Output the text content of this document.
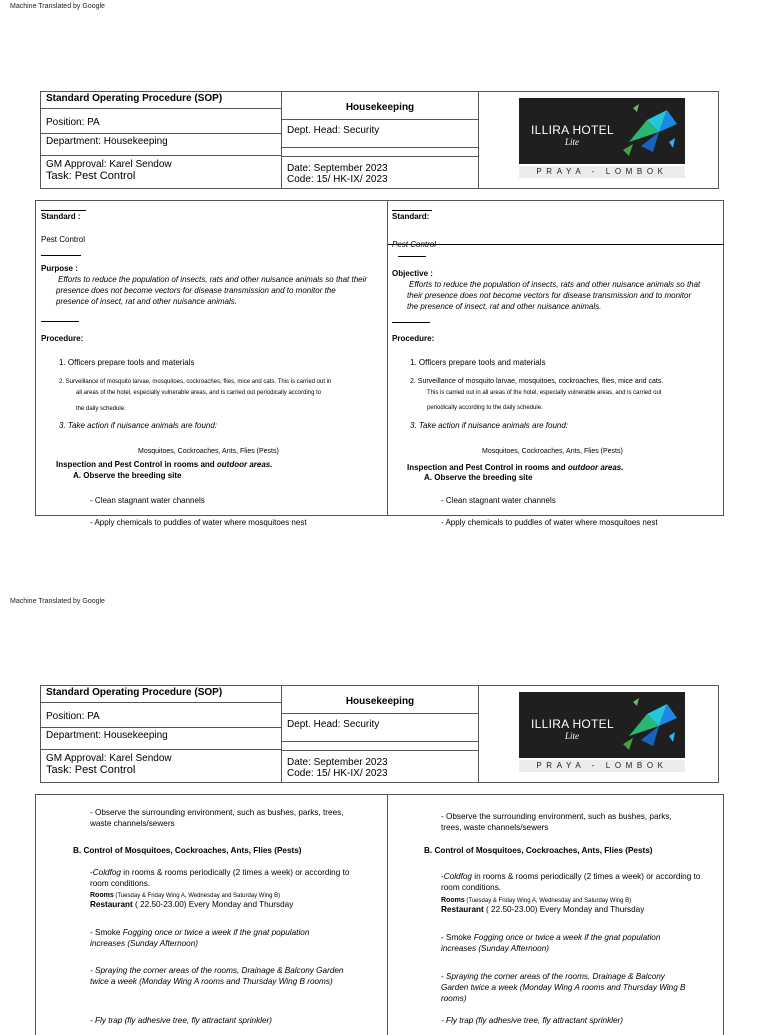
Machine Translated by Google
Standard Operating Procedure (SOP)
Position: PA
Department: Housekeeping
GM Approval: Karel Sendow
Task: Pest Control
Housekeeping
Dept. Head: Security
Date: September 2023
Code: 15/ HK-IX/ 2023
ILLIRA HOTEL
Lite
PRAYA - LOMBOK
Standard :
Pest Control
Purpose :
Efforts to reduce the population of insects, rats and other nuisance animals so that their
presence does not become vectors for disease transmission and to monitor the
presence of insect, rat and other nuisance animals.
Procedure:
1. Officers prepare tools and materials
2. Surveillance of mosquito larvae, mosquitoes, cockroaches, flies, mice and cats. This is carried out in
all areas of the hotel, especially vulnerable areas, and is carried out periodically according to
the daily schedule.
3. Take action if nuisance animals are found:
Mosquitoes, Cockroaches, Ants, Flies (Pests)
Inspection and Pest Control in rooms and outdoor areas.
A. Observe the breeding site
- Clean stagnant water channels
Standard:
Pest Control
Objective :
Efforts to reduce the population of insects, rats and other nuisance animals so that
their presence does not become vectors for disease transmission and to monitor
the presence of insect, rat and other nuisance animals.
Procedure:
1. Officers prepare tools and materials
2. Surveillance of mosquito larvae, mosquitoes, cockroaches, flies, mice and cats.
This is carried out in all areas of the hotel, especially vulnerable areas, and is carried out
periodically according to the daily schedule.
3. Take action if nuisance animals are found:
Mosquitoes, Cockroaches, Ants, Flies (Pests)
Inspection and Pest Control in rooms and outdoor areas.
A. Observe the breeding site
- Clean stagnant water channels
- Apply chemicals to puddles of water where mosquitoes nest	- Apply chemicals to puddles of water where mosquitoes nest
Machine Translated by Google
Standard Operating Procedure (SOP)
Position: PA
Department: Housekeeping
GM Approval: Karel Sendow
Task: Pest Control
Housekeeping
Dept. Head: Security
Date: September 2023
Code: 15/ HK-IX/ 2023
ILLIRA HOTEL
Lite
PRAYA - LOMBOK
- Observe the surrounding environment, such as bushes, parks, trees,
waste channels/sewers
B. Control of Mosquitoes, Cockroaches, Ants, Flies (Pests)
-Coldfog in rooms & rooms periodically (2 times a week) or according to
room conditions.
Rooms (Tuesday & Friday Wing A, Wednesday and Saturday Wing B)
Restaurant ( 22.50-23.00) Every Monday and Thursday
- Smoke Fogging once or twice a week if the gnat population
increases (Sunday Afternoon)
- Spraying the corner areas of the rooms, Drainage & Balcony Garden
twice a week (Monday Wing A rooms and Thursday Wing B rooms)
- Fly trap (fly adhesive tree, fly attractant sprinkler)
- Observe the surrounding environment, such as bushes, parks,
trees, waste channels/sewers
B. Control of Mosquitoes, Cockroaches, Ants, Flies (Pests)
-Coldfog in rooms & rooms periodically (2 times a week) or according to
room conditions.
Rooms (Tuesday & Friday Wing A, Wednesday and Saturday Wing B)
Restaurant ( 22.50-23.00) Every Monday and Thursday
- Smoke Fogging once or twice a week if the gnat population
increases (Sunday Afternoon)
- Spraying the corner areas of the rooms, Drainage & Balcony
Garden twice a week (Monday Wing A rooms and Thursday Wing B
rooms)
- Fly trap (fly adhesive tree, fly attractant sprinkler)
